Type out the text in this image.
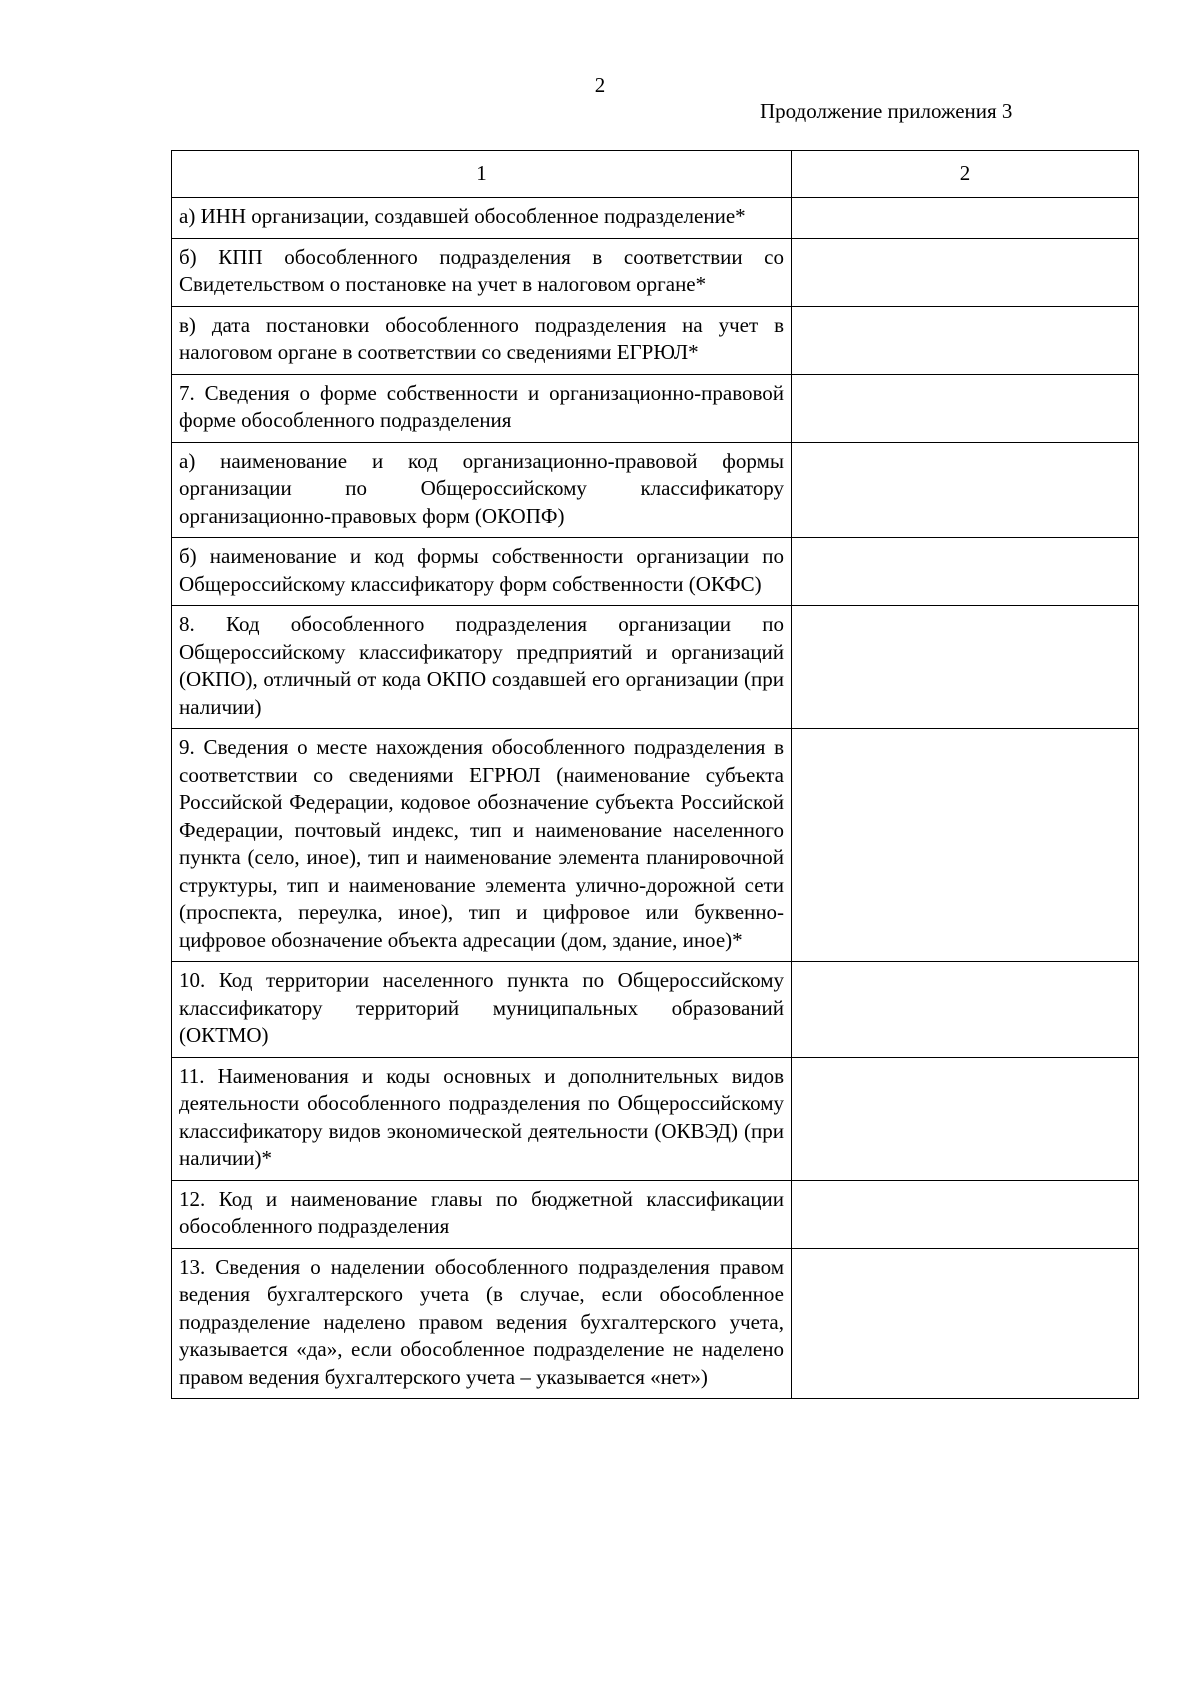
2
Продолжение приложения 3
1	2
а) ИНН организации, создавшей обособленное подразделение*	
б) КПП обособленного подразделения в соответствии со Свидетельством о постановке на учет в налоговом органе*	
в) дата постановки обособленного подразделения на учет в налоговом органе в соответствии со сведениями ЕГРЮЛ*	
7. Сведения о форме собственности и организационно-правовой форме обособленного подразделения	
а) наименование и код организационно-правовой формы организации по Общероссийскому классификатору организационно-правовых форм (ОКОПФ)	
б) наименование и код формы собственности организации по Общероссийскому классификатору форм собственности (ОКФС)	
8. Код обособленного подразделения организации по Общероссийскому классификатору предприятий и организаций (ОКПО), отличный от кода ОКПО создавшей его организации (при наличии)	
9. Сведения о месте нахождения обособленного подразделения в соответствии со сведениями ЕГРЮЛ (наименование субъекта Российской Федерации, кодовое обозначение субъекта Российской Федерации, почтовый индекс, тип и наименование населенного пункта (село, иное), тип и наименование элемента планировочной структуры, тип и наименование элемента улично-дорожной сети (проспекта, переулка, иное), тип и цифровое или буквенно-цифровое обозначение объекта адресации (дом, здание, иное)*	
10. Код территории населенного пункта по Общероссийскому классификатору территорий муниципальных образований (ОКТМО)	
11. Наименования и коды основных и дополнительных видов деятельности обособленного подразделения по Общероссийскому классификатору видов экономической деятельности (ОКВЭД) (при наличии)*	
12. Код и наименование главы по бюджетной классификации обособленного подразделения	
13. Сведения о наделении обособленного подразделения правом ведения бухгалтерского учета (в случае, если обособленное подразделение наделено правом ведения бухгалтерского учета, указывается «да», если обособленное подразделение не наделено правом ведения бухгалтерского учета – указывается «нет»)	
